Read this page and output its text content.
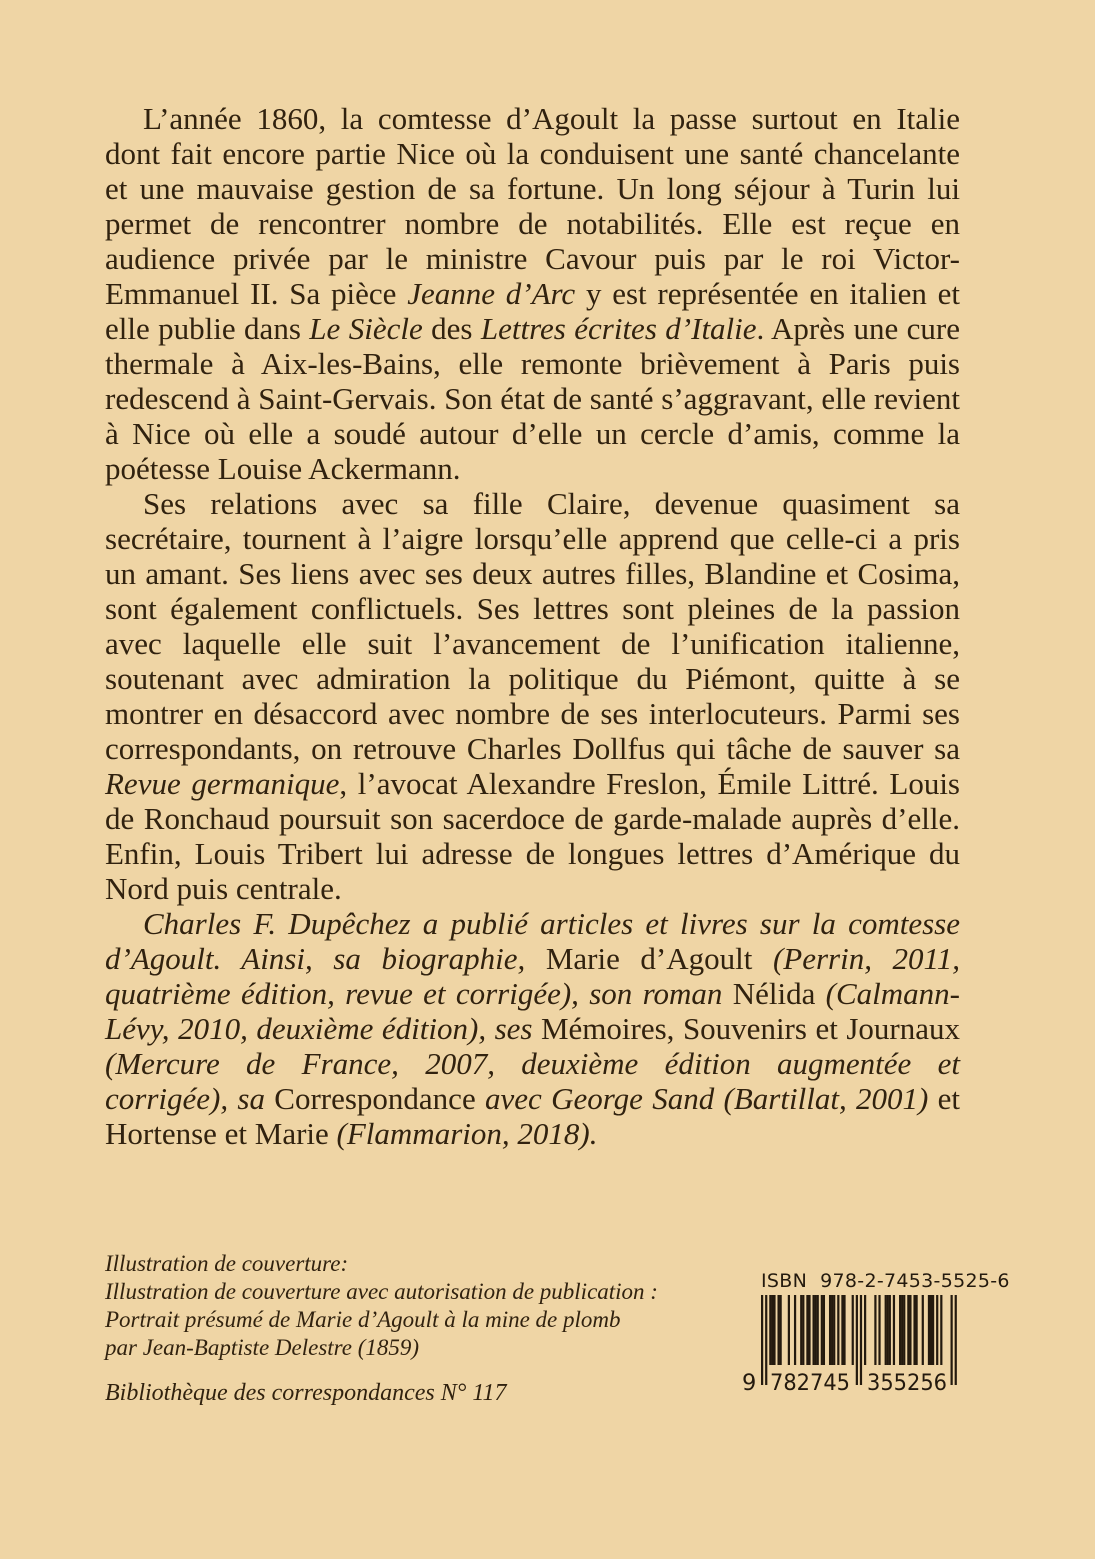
L’année 1860, la comtesse d’Agoult la passe surtout en Italie dont fait encore partie Nice où la conduisent une santé chancelante et une mauvaise gestion de sa fortune. Un long séjour à Turin lui permet de rencontrer nombre de notabilités. Elle est reçue en audience privée par le ministre Cavour puis par le roi Victor-Emmanuel II. Sa pièce Jeanne d’Arc y est représentée en italien et elle publie dans Le Siècle des Lettres écrites d’Italie. Après une cure thermale à Aix-les-Bains, elle remonte brièvement à Paris puis redescend à Saint-Gervais. Son état de santé s’aggravant, elle revient à Nice où elle a soudé autour d’elle un cercle d’amis, comme la poétesse Louise Ackermann.

Ses relations avec sa fille Claire, devenue quasiment sa secrétaire, tournent à l’aigre lorsqu’elle apprend que celle-ci a pris un amant. Ses liens avec ses deux autres filles, Blandine et Cosima, sont également conflictuels. Ses lettres sont pleines de la passion avec laquelle elle suit l’avancement de l’unification italienne, soutenant avec admiration la politique du Piémont, quitte à se montrer en désaccord avec nombre de ses interlocuteurs. Parmi ses correspondants, on retrouve Charles Dollfus qui tâche de sauver sa Revue germanique, l’avocat Alexandre Freslon, Émile Littré. Louis de Ronchaud poursuit son sacerdoce de garde-malade auprès d’elle. Enfin, Louis Tribert lui adresse de longues lettres d’Amérique du Nord puis centrale.

Charles F. Dupêchez a publié articles et livres sur la comtesse d’Agoult. Ainsi, sa biographie, Marie d’Agoult (Perrin, 2011, quatrième édition, revue et corrigée), son roman Nélida (Calmann-Lévy, 2010, deuxième édition), ses Mémoires, Souvenirs et Journaux (Mercure de France, 2007, deuxième édition augmentée et corrigée), sa Correspondance avec George Sand (Bartillat, 2001) et Hortense et Marie (Flammarion, 2018).

Illustration de couverture:
Illustration de couverture avec autorisation de publication :
Portrait présumé de Marie d’Agoult à la mine de plomb
par Jean-Baptiste Delestre (1859)
Bibliothèque des correspondances N° 117
ISBN 978-2-7453-5525-6
9 782745 355256
